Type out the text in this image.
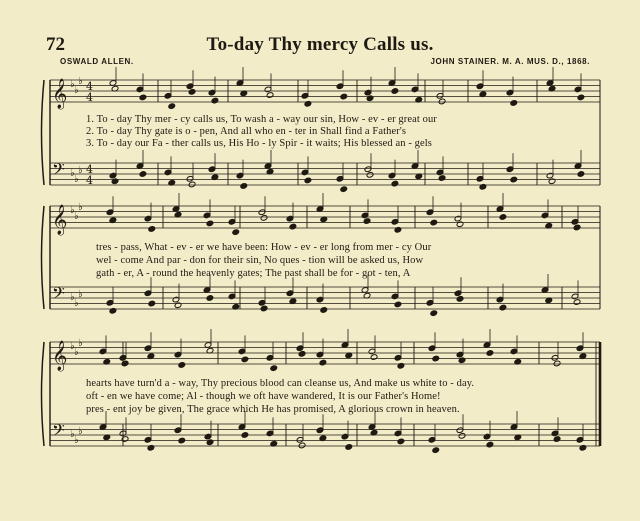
72	To-day Thy mercy Calls us.
OSWALD ALLEN.	JOHN STAINER. M. A. MUS. D., 1868.
𝄞
𝄢
♭
♭
♭
♭
♭
♭
4
4
4
4
𝄞
𝄢
♭
♭
♭
♭
♭
♭
𝄞
𝄢
♭
♭
♭
♭
♭
♭
1. To - day Thy mer - cy calls us, To wash a - way our sin, How - ev - er great our
2. To - day Thy gate is o - pen, And all who en - ter in Shall find a Father's
3. To - day our Fa - ther calls us, His Ho - ly Spir - it waits; His blessed an - gels
tres - pass, What - ev - er we have been: How - ev - er long from mer - cy Our
wel - come And par - don for their sin, No ques - tion will be asked us, How
gath - er, A - round the heavenly gates; The past shall be for - got - ten, A
hearts have turn'd a - way, Thy precious blood can cleanse us, And make us white to - day.
oft - en we have come; Al - though we oft have wandered, It is our Father's Home!
pres - ent joy be given, The grace which He has promised, A glorious crown in heaven.
